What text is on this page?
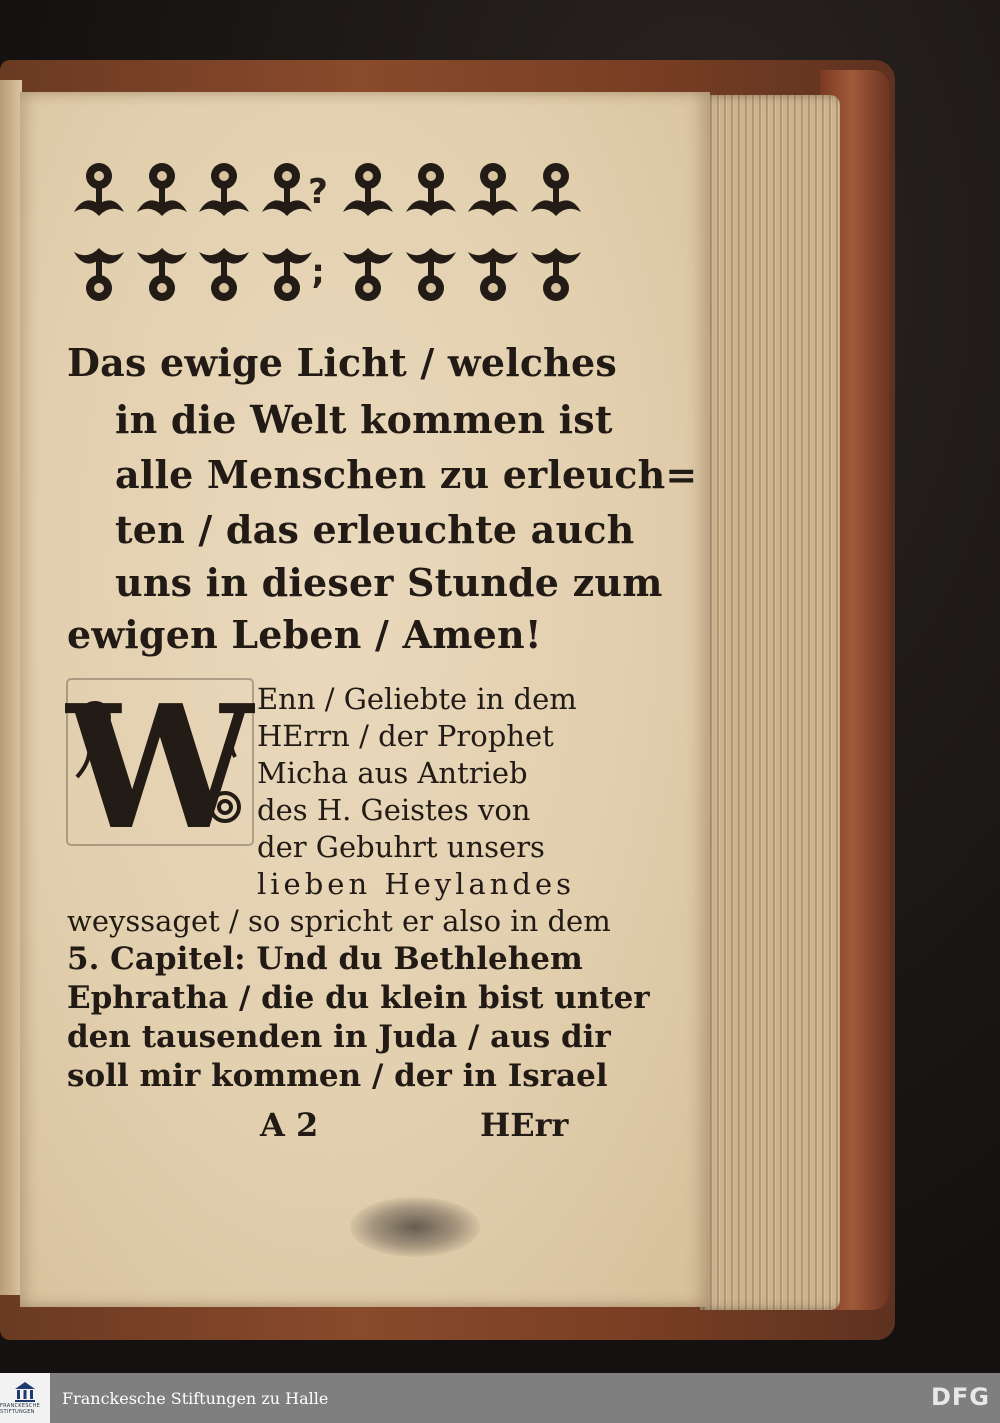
?
;
Das ewige Licht / welches
in die Welt kommen ist
alle Menschen zu erleuch=
ten / das erleuchte auch
uns in dieser Stunde zum
ewigen Leben / Amen!
W Enn / Geliebte in dem
HErrn / der Prophet
Micha aus Antrieb
des H. Geistes von
der Gebuhrt unsers
lieben Heylandes
weyssaget / so spricht er also in dem
5. Capitel: Und du Bethlehem
Ephratha / die du klein bist unter
den tausenden in Juda / aus dir
soll mir kommen / der in Israel
A 2	HErr
FRANCKESCHE STIFTUNGEN
Franckesche Stiftungen zu Halle	DFG
